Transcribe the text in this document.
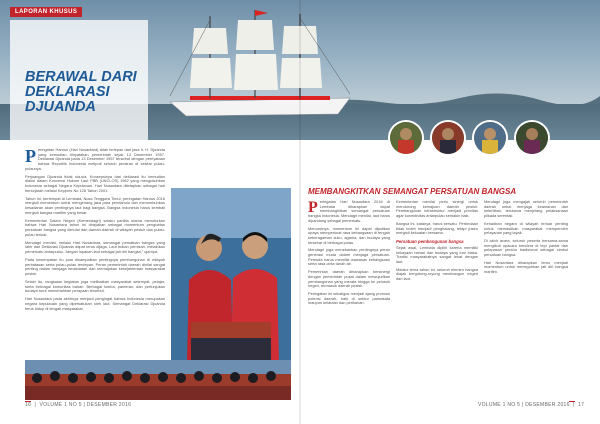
LAPORAN KHUSUS
BERAWAL DARI DEKLARASI DJUANDA
P eringatan Harnus (Hari Nusantara) tidak terlepas dari jasa Ir. H. Djuanda yang kemudian dinyatakan pemerintah sejak 13 Desember 1957. Deklarasi Djuanda pada 13 Desember 1957 tersebut dengan pernyataan bahwa Republik Indonesia meliputi seluruh perairan di sekitar pulau-pulaunya.

Perjuangan Djuanda tidak sia-sia. Konsepsinya dari deklarasi itu kemudian diakui dalam Konvensi Hukum Laut PBB (UNCLOS) 1982 yang mengukuhkan Indonesia sebagai Negara Kepulauan. Hari Nusantara ditetapkan sebagai hari bersejarah melalui Keppres No 126 Tahun 2001.

Tahun ini, bertempat di Lembata, Nusa Tenggara Timur, peringatan Harnus 2016 menjadi momentum untuk mengenang jasa para pendahulu dan menumbuhkan kesadaran akan pentingnya laut bagi bangsa. Bangsa Indonesia harus kembali menjadi bangsa maritim yang besar.

Kementerian Dalam Negeri (Kemendagri) selaku panitia utama menuturkan bahwa Hari Nusantara tahun ini dirayakan sebagai momentum penguatan persatuan bangsa yang dimulai dari daerah-daerah di wilayah pesisir dan pulau-pulau terluar.

Mendagri menilai, melalui Hari Nusantara, semangat persatuan bangsa yang lahir dari Deklarasi Djuanda dapat terus dijaga. Laut bukan pemisah, melainkan pemersatu antarpulau. Jangan lupakan laut sebagai jati diri bangsa," ujarnya.

Pada kesempatan itu pula disampaikan pentingnya pembangunan di wilayah perbatasan serta pulau-pulau terdepan. Peran pemerintah daerah dinilai sangat penting dalam menjaga kedaulatan dan memajukan kesejahteraan masyarakat pesisir.

Selain itu, rangkaian kegiatan juga melibatkan masyarakat setempat, pelajar, serta berbagai komunitas bahari. Berbagai lomba, pameran, dan pertunjukan budaya turut memeriahkan perayaan tersebut.

Hari Nusantara pada akhirnya menjadi pengingat bahwa Indonesia merupakan negara kepulauan yang dipersatukan oleh laut. Semangat Deklarasi Djuanda terus hidup di tengah masyarakat.

16  |  VOLUME 1 NO 5 | DESEMBER 2016
MEMBANGKITKAN SEMANGAT PERSATUAN BANGSA
P eringatan Hari Nusantara 2016 di Lembata diharapkan dapat membangkitkan semangat persatuan bangsa Indonesia. Mendagri menilai, laut harus dipandang sebagai pemersatu.

Menurutnya, momentum ini dapat dijadikan upaya memperkuat rasa kebangsaan di tengah keberagaman suku, agama, dan budaya yang tersebar di berbagai pulau.

Mendagri juga menekankan pentingnya peran generasi muda dalam menjaga persatuan. Pemuda harus memiliki wawasan kebangsaan serta rasa cinta tanah air.

Pemerintah daerah diharapkan bersinergi dengan pemerintah pusat dalam mewujudkan pembangunan yang merata hingga ke pelosok negeri, termasuk daerah pesisir.

Peringatan ini sekaligus menjadi ajang promosi potensi daerah, baik di sektor pariwisata maupun kelautan dan perikanan.

Kementerian menilai perlu sinergi untuk mendorong kemajuan daerah pesisir. Pembangunan infrastruktur menjadi prioritas agar konektivitas antarpulau semakin baik.

Bangsa ini, katanya, harus bersatu. Perbedaan tidak boleh menjadi penghalang, tetapi justru menjadi kekuatan bersama.

Persatuan pembangunan bangsa

Sejak awal, Lembata dipilih karena memiliki kekayaan bahari dan budaya yang luar biasa. Tradisi masyarakatnya sangat lekat dengan laut.

Melalui tema tahun ini, seluruh elemen bangsa diajak bergotong-royong membangun negeri dari laut.

Mendagri juga mengajak seluruh pemerintah daerah untuk menjaga keamanan dan ketertiban, terutama menjelang pelaksanaan pilkada serentak.

Kehadiran negara di wilayah terluar penting untuk memastikan masyarakat memperoleh pelayanan yang layak.

Di akhir acara, seluruh peserta bersama-sama mengikuti upacara bendera di tepi pantai dan pelepasan perahu tradisional sebagai simbol persatuan bangsa.

Hari Nusantara diharapkan terus menjadi momentum untuk meneguhkan jati diri bangsa maritim.

VOLUME 1 NO 5 | DESEMBER 2016  |  17
